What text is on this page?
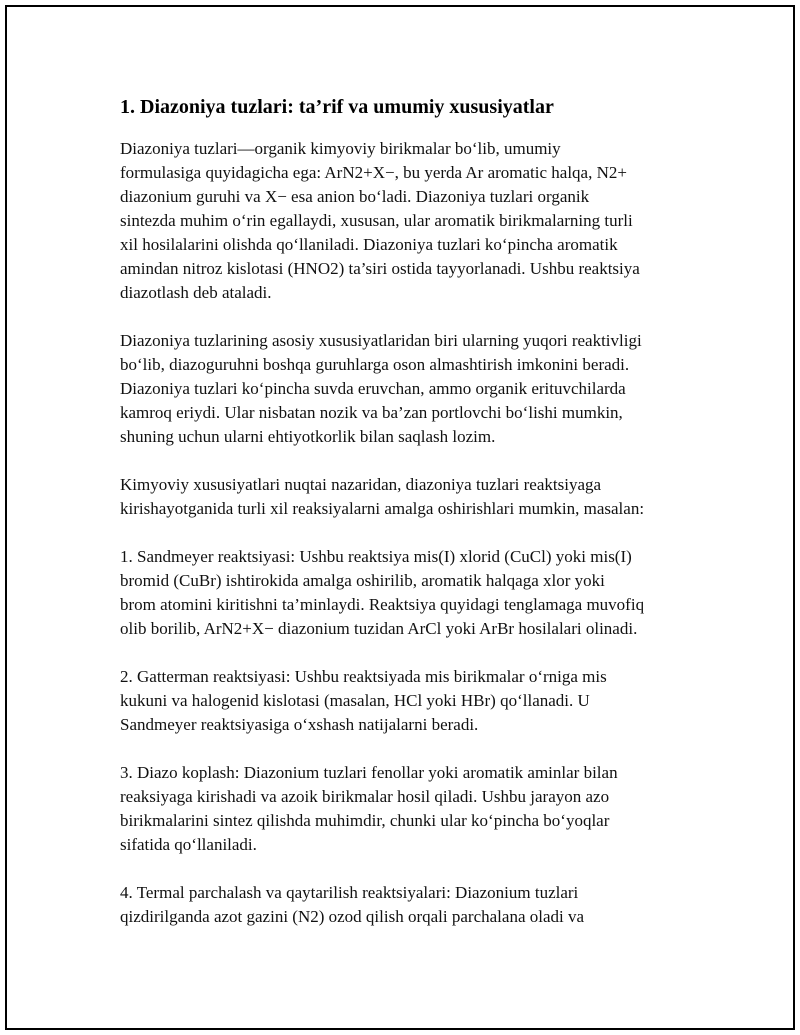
1. Diazoniya tuzlari: ta’rif va umumiy xususiyatlar

Diazoniya tuzlari—organik kimyoviy birikmalar bo‘lib, umumiy
formulasiga quyidagicha ega: ArN2+X−, bu yerda Ar aromatic halqa, N2+
diazonium guruhi va X− esa anion bo‘ladi. Diazoniya tuzlari organik
sintezda muhim o‘rin egallaydi, xususan, ular aromatik birikmalarning turli
xil hosilalarini olishda qo‘llaniladi. Diazoniya tuzlari ko‘pincha aromatik
amindan nitroz kislotasi (HNO2) ta’siri ostida tayyorlanadi. Ushbu reaktsiya
diazotlash deb ataladi.

Diazoniya tuzlarining asosiy xususiyatlaridan biri ularning yuqori reaktivligi
bo‘lib, diazoguruhni boshqa guruhlarga oson almashtirish imkonini beradi.
Diazoniya tuzlari ko‘pincha suvda eruvchan, ammo organik erituvchilarda
kamroq eriydi. Ular nisbatan nozik va ba’zan portlovchi bo‘lishi mumkin,
shuning uchun ularni ehtiyotkorlik bilan saqlash lozim.

Kimyoviy xususiyatlari nuqtai nazaridan, diazoniya tuzlari reaktsiyaga
kirishayotganida turli xil reaksiyalarni amalga oshirishlari mumkin, masalan:

1. Sandmeyer reaktsiyasi: Ushbu reaktsiya mis(I) xlorid (CuCl) yoki mis(I)
bromid (CuBr) ishtirokida amalga oshirilib, aromatik halqaga xlor yoki
brom atomini kiritishni ta’minlaydi. Reaktsiya quyidagi tenglamaga muvofiq
olib borilib, ArN2+X− diazonium tuzidan ArCl yoki ArBr hosilalari olinadi.

2. Gatterman reaktsiyasi: Ushbu reaktsiyada mis birikmalar o‘rniga mis
kukuni va halogenid kislotasi (masalan, HCl yoki HBr) qo‘llanadi. U
Sandmeyer reaktsiyasiga o‘xshash natijalarni beradi.

3. Diazo koplash: Diazonium tuzlari fenollar yoki aromatik aminlar bilan
reaksiyaga kirishadi va azoik birikmalar hosil qiladi. Ushbu jarayon azo
birikmalarini sintez qilishda muhimdir, chunki ular ko‘pincha bo‘yoqlar
sifatida qo‘llaniladi.

4. Termal parchalash va qaytarilish reaktsiyalari: Diazonium tuzlari
qizdirilganda azot gazini (N2) ozod qilish orqali parchalana oladi va
